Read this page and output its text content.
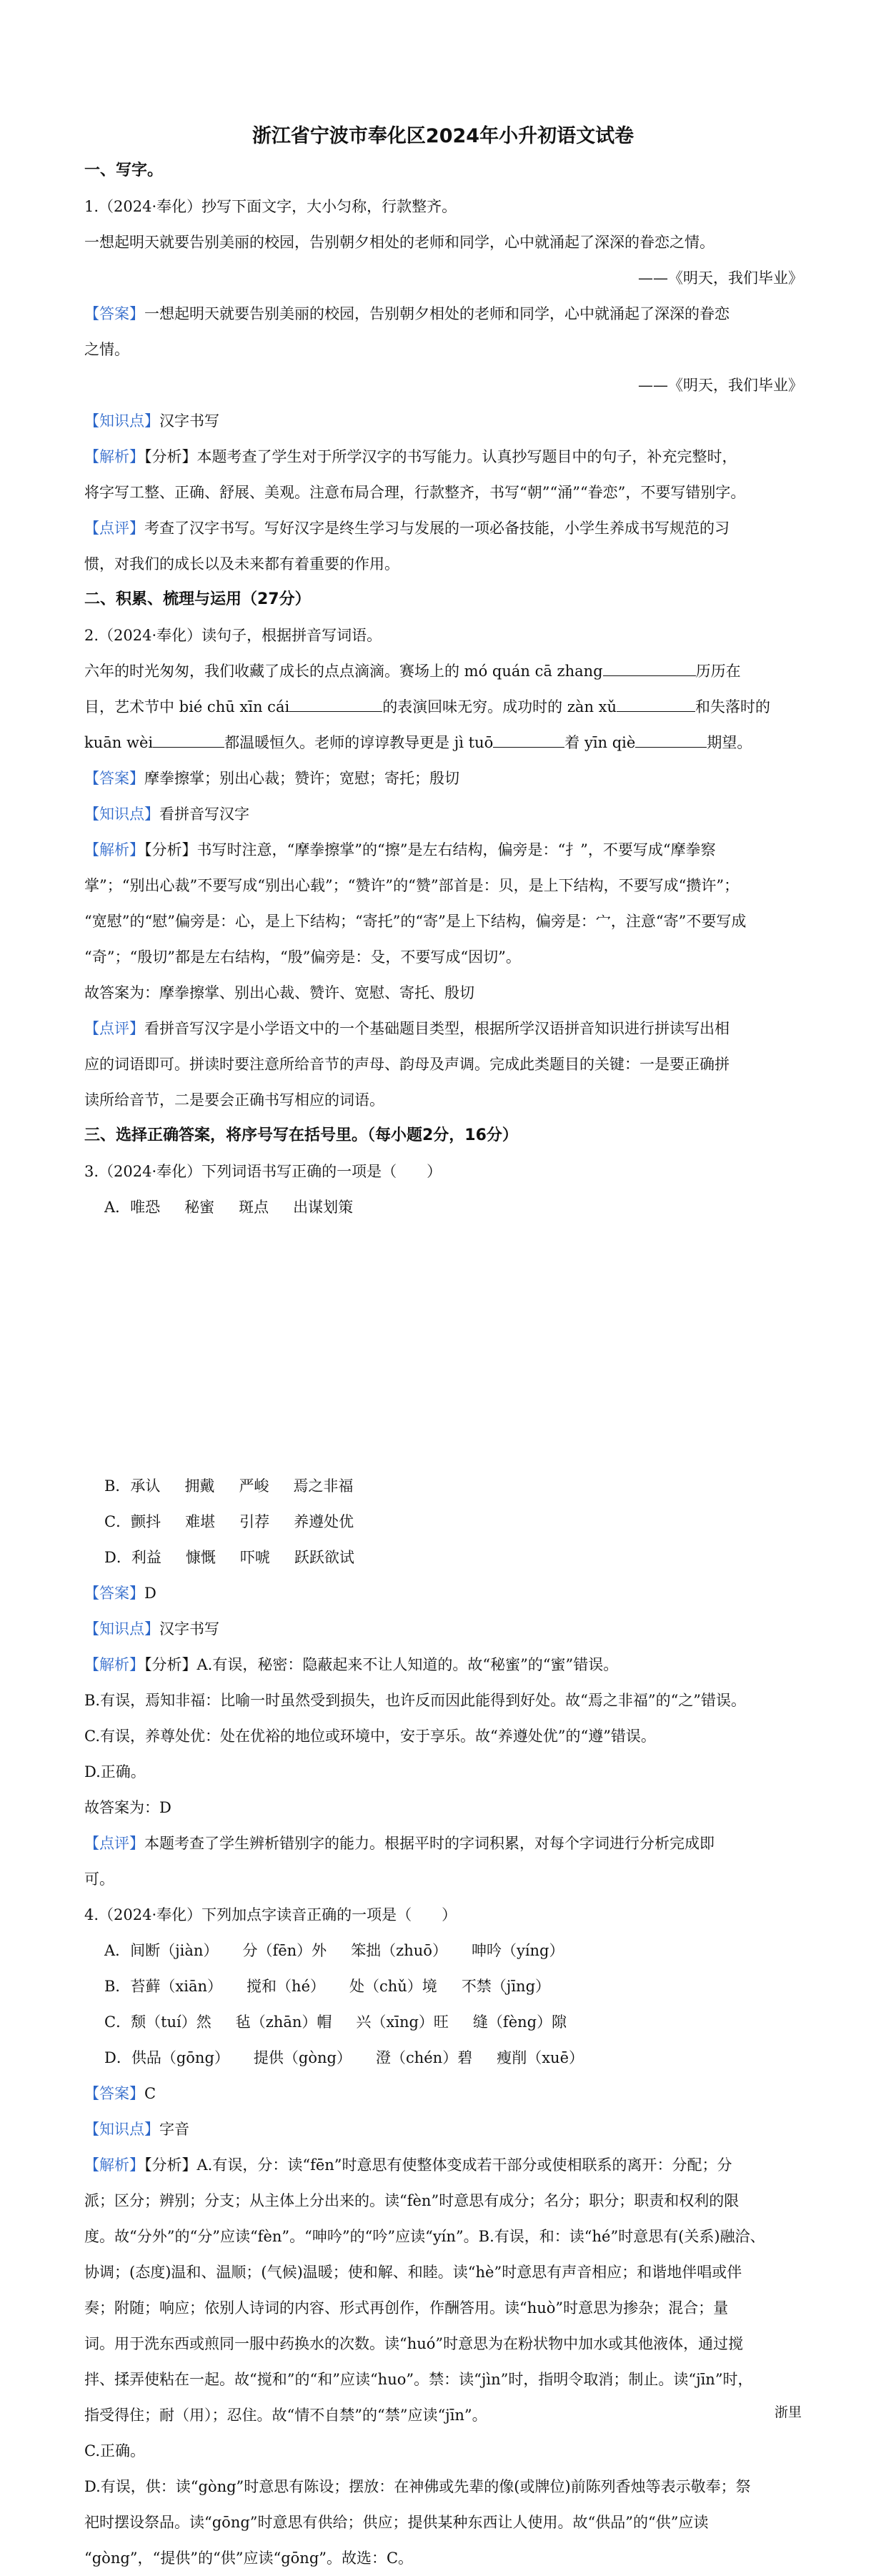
浙江省宁波市奉化区2024年小升初语文试卷
一、写字。
1.（2024·奉化）抄写下面文字，大小匀称，行款整齐。
一想起明天就要告别美丽的校园，告别朝夕相处的老师和同学，心中就涌起了深深的眷恋之情。
——《明天，我们毕业》
【答案】一想起明天就要告别美丽的校园，告别朝夕相处的老师和同学，心中就涌起了深深的眷恋
之情。
——《明天，我们毕业》
【知识点】汉字书写
【解析】【分析】本题考查了学生对于所学汉字的书写能力。认真抄写题目中的句子，补充完整时，
将字写工整、正确、舒展、美观。注意布局合理，行款整齐，书写“朝”“涌”“眷恋”，不要写错别字。
【点评】考查了汉字书写。写好汉字是终生学习与发展的一项必备技能，小学生养成书写规范的习
惯，对我们的成长以及未来都有着重要的作用。
二、积累、梳理与运用（27分）
2.（2024·奉化）读句子，根据拼音写词语。
六年的时光匆匆，我们收藏了成长的点点滴滴。赛场上的 mó quán cā zhang	历历在
目，艺术节中 bié chū xīn cái	的表演回味无穷。成功时的 zàn xǔ	和失落时的
kuān wèi	都温暖恒久。老师的谆谆教导更是 jì tuō	着 yīn qiè	期望。
【答案】摩拳擦掌；别出心裁；赞许；宽慰；寄托；殷切
【知识点】看拼音写汉字
【解析】【分析】书写时注意，“摩拳擦掌”的“擦”是左右结构，偏旁是：“扌”，不要写成“摩拳察
掌”；“别出心裁”不要写成“别出心载”；“赞许”的“赞”部首是：贝，是上下结构，不要写成“攒许”；
“宽慰”的“慰”偏旁是：心，是上下结构；“寄托”的“寄”是上下结构，偏旁是：宀，注意“寄”不要写成
“奇”；“殷切”都是左右结构，“殷”偏旁是：殳，不要写成“因切”。
故答案为：摩拳擦掌、别出心裁、赞许、宽慰、寄托、殷切
【点评】看拼音写汉字是小学语文中的一个基础题目类型，根据所学汉语拼音知识进行拼读写出相
应的词语即可。拼读时要注意所给音节的声母、韵母及声调。完成此类题目的关键：一是要正确拼
读所给音节，二是要会正确书写相应的词语。
三、选择正确答案，将序号写在括号里。（每小题2分，16分）
3.（2024·奉化）下列词语书写正确的一项是（　　）
A．唯恐 秘蜜 斑点 出谋划策
B．承认 拥戴 严峻 焉之非福
C．颤抖 难堪 引荐 养遵处优
D．利益 慷慨 吓唬 跃跃欲试
【答案】D
【知识点】汉字书写
【解析】【分析】A.有误，秘密：隐蔽起来不让人知道的。故“秘蜜”的“蜜”错误。
B.有误，焉知非福：比喻一时虽然受到损失，也许反而因此能得到好处。故“焉之非福”的“之”错误。
C.有误，养尊处优：处在优裕的地位或环境中，安于享乐。故“养遵处优”的“遵”错误。
D.正确。
故答案为：D
【点评】本题考查了学生辨析错别字的能力。根据平时的字词积累，对每个字词进行分析完成即
可。
4.（2024·奉化）下列加点字读音正确的一项是（　　）
A．间断（jiàn） 分（fēn）外 笨拙（zhuō） 呻吟（yíng）
B．苔藓（xiān） 搅和（hé） 处（chǔ）境 不禁（jīng）
C．颓（tuí）然 毡（zhān）帽 兴（xīng）旺 缝（fèng）隙
D．供品（gōng） 提供（gòng） 澄（chén）碧 瘦削（xuē）
【答案】C
【知识点】字音
【解析】【分析】A.有误，分：读“fēn”时意思有使整体变成若干部分或使相联系的离开：分配；分
派；区分；辨别；分支；从主体上分出来的。读“fèn”时意思有成分；名分；职分；职责和权利的限
度。故“分外”的“分”应读“fèn”。“呻吟”的“吟”应读“yín”。B.有误，和：读“hé”时意思有(关系)融洽、
协调；(态度)温和、温顺；(气候)温暖；使和解、和睦。读“hè”时意思有声音相应；和谐地伴唱或伴
奏；附随；响应；依别人诗词的内容、形式再创作，作酬答用。读“huò”时意思为掺杂；混合；量
词。用于洗东西或煎同一服中药换水的次数。读“huó”时意思为在粉状物中加水或其他液体，通过搅
拌、揉弄使粘在一起。故“搅和”的“和”应读“huo”。禁：读“jìn”时，指明令取消；制止。读“jīn”时，
指受得住；耐（用）；忍住。故“情不自禁”的“禁”应读“jīn”。
C.正确。
D.有误，供：读“gòng”时意思有陈设；摆放：在神佛或先辈的像(或牌位)前陈列香烛等表示敬奉；祭
祀时摆设祭品。读“gōng”时意思有供给；供应；提供某种东西让人使用。故“供品”的“供”应读
“gòng”，“提供”的“供”应读“gōng”。故选：C。
浙里
